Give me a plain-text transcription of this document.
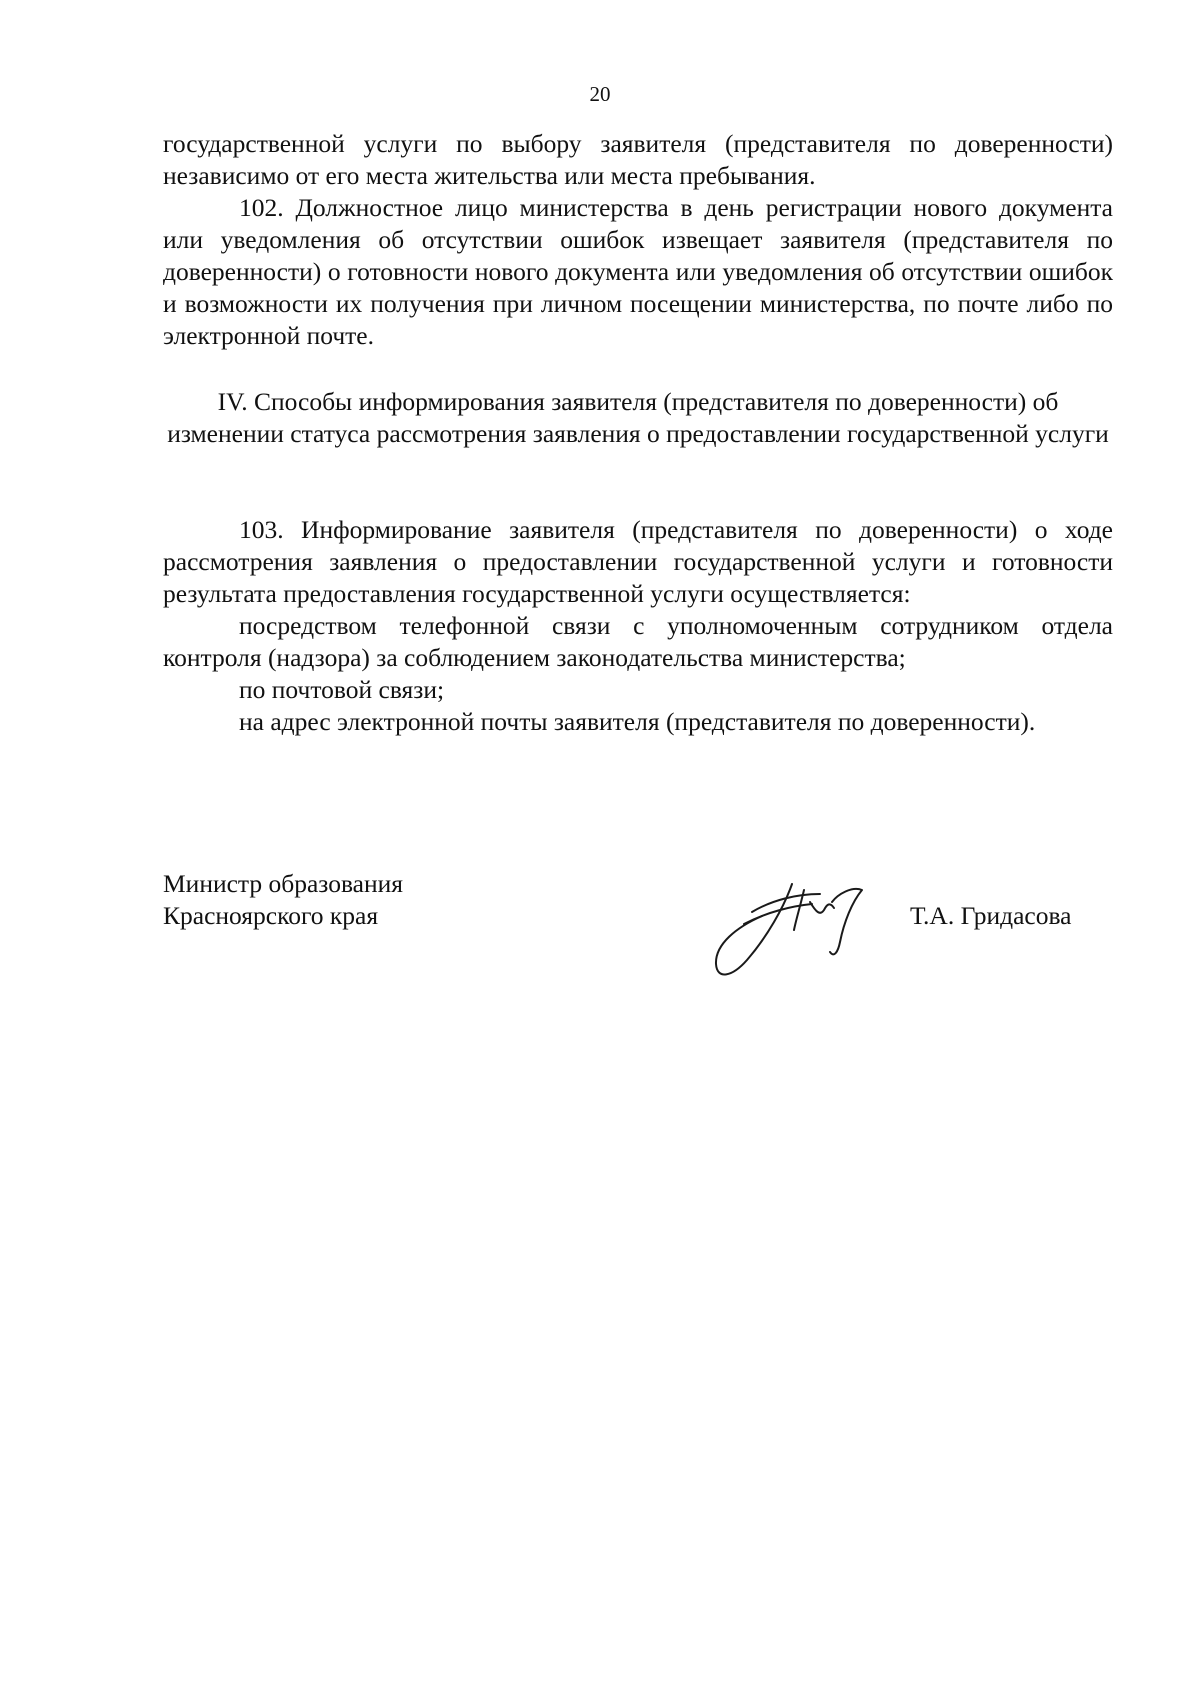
20

государственной услуги по выбору заявителя (представителя по доверенности) независимо от его места жительства или места пребывания.

102. Должностное лицо министерства в день регистрации нового документа или уведомления об отсутствии ошибок извещает заявителя (представителя по доверенности) о готовности нового документа или уведомления об отсутствии ошибок и возможности их получения при личном посещении министерства, по почте либо по электронной почте.

IV. Способы информирования заявителя (представителя по доверенности) об изменении статуса рассмотрения заявления о предоставлении государственной услуги

103. Информирование заявителя (представителя по доверенности) о ходе рассмотрения заявления о предоставлении государственной услуги и готовности результата предоставления государственной услуги осуществляется:

посредством телефонной связи с уполномоченным сотрудником отдела контроля (надзора) за соблюдением законодательства министерства;

по почтовой связи;

на адрес электронной почты заявителя (представителя по доверенности).

Министр образования
Красноярского края	Т.А. Гридасова
